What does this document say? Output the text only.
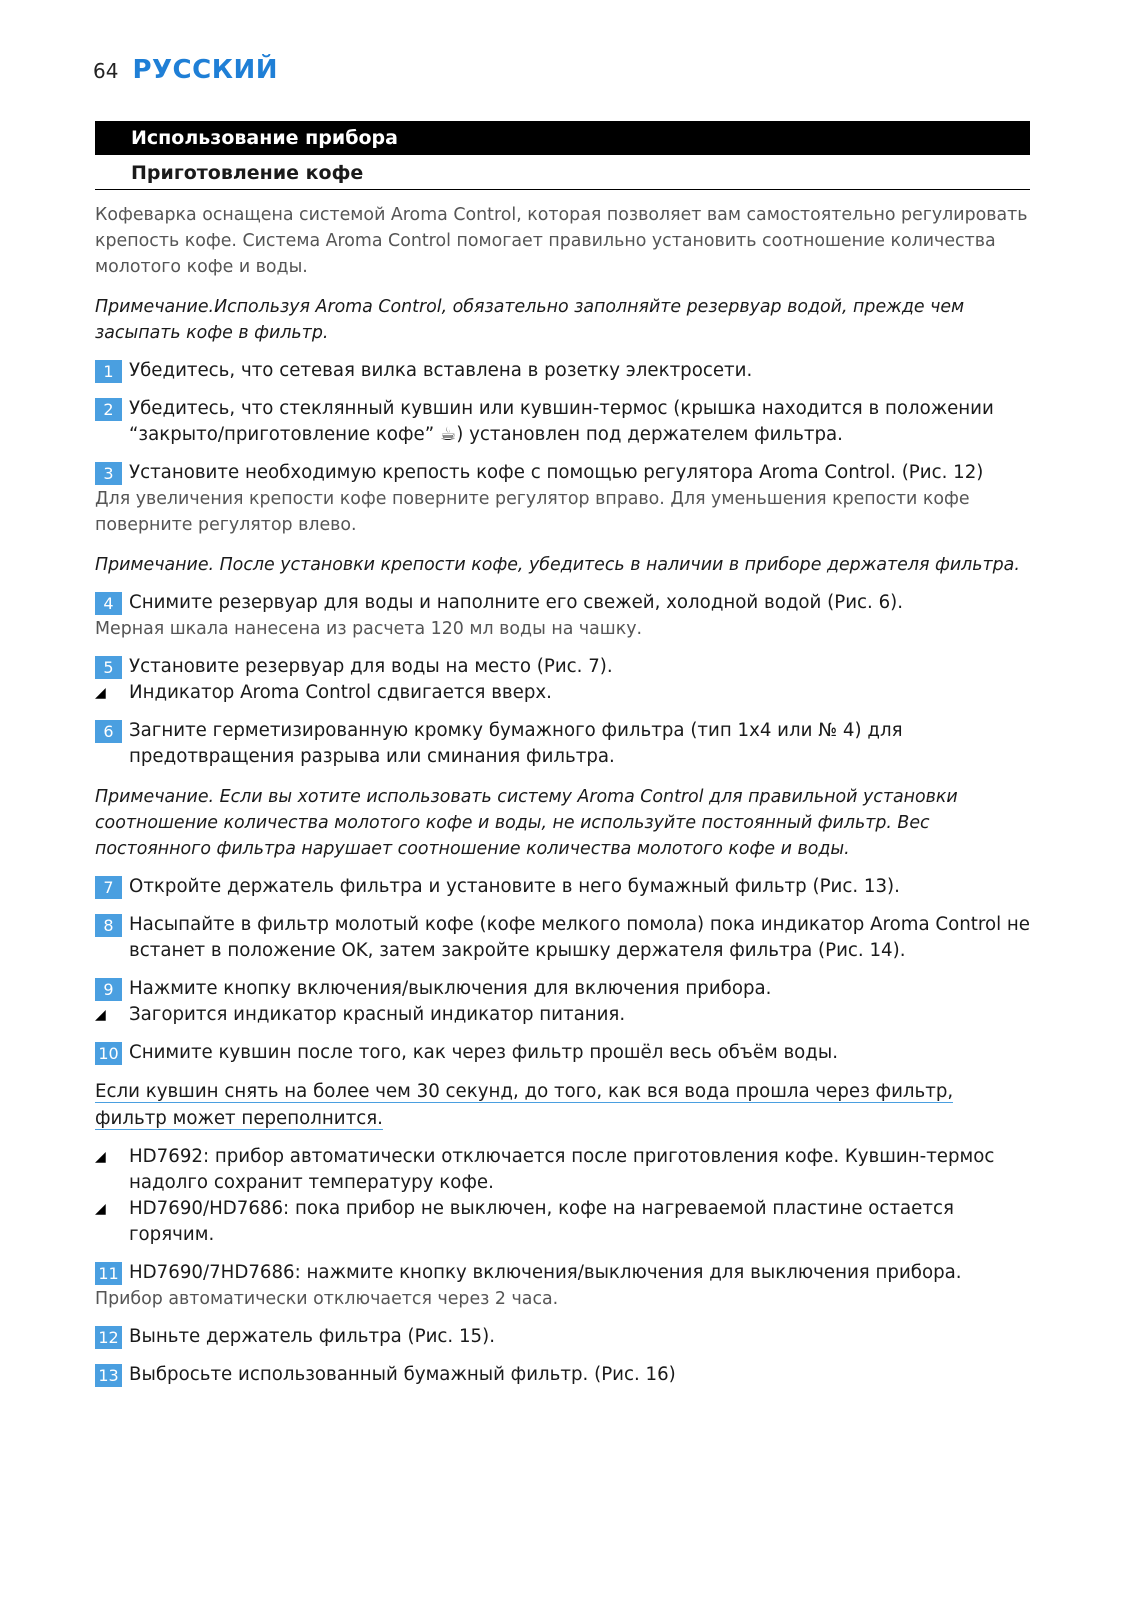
64 РУССКИЙ
Использование прибора
Приготовление кофе
Кофеварка оснащена системой Aroma Control, которая позволяет вам самостоятельно регулировать крепость кофе. Система Aroma Control помогает правильно установить соотношение количества молотого кофе и воды.
Примечание.Используя Aroma Control, обязательно заполняйте резервуар водой, прежде чем засыпать кофе в фильтр.
1 Убедитесь, что сетевая вилка вставлена в розетку электросети.
2 Убедитесь, что стеклянный кувшин или кувшин-термос (крышка находится в положении “закрыто/приготовление кофе” ☕) установлен под держателем фильтра.
3 Установите необходимую крепость кофе с помощью регулятора Aroma Control. (Рис. 12)
Для увеличения крепости кофе поверните регулятор вправо. Для уменьшения крепости кофе поверните регулятор влево.
Примечание. После установки крепости кофе, убедитесь в наличии в приборе держателя фильтра.
4 Снимите резервуар для воды и наполните его свежей, холодной водой (Рис. 6).
Мерная шкала нанесена из расчета 120 мл воды на чашку.
5 Установите резервуар для воды на место (Рис. 7).
◢	Индикатор Aroma Control сдвигается вверх.
6 Загните герметизированную кромку бумажного фильтра (тип 1x4 или № 4) для предотвращения разрыва или сминания фильтра.
Примечание. Если вы хотите использовать систему Aroma Control для правильной установки соотношение количества молотого кофе и воды, не используйте постоянный фильтр. Вес постоянного фильтра нарушает соотношение количества молотого кофе и воды.
7 Откройте держатель фильтра и установите в него бумажный фильтр (Рис. 13).
8 Насыпайте в фильтр молотый кофе (кофе мелкого помола) пока индикатор Aroma Control не встанет в положение OK, затем закройте крышку держателя фильтра (Рис. 14).
9 Нажмите кнопку включения/выключения для включения прибора.
◢	Загорится индикатор красный индикатор питания.
10 Снимите кувшин после того, как через фильтр прошёл весь объём воды.
Если кувшин снять на более чем 30 секунд, до того, как вся вода прошла через фильтр,
фильтр может переполнится.
◢	HD7692: прибор автоматически отключается после приготовления кофе. Кувшин-термос надолго сохранит температуру кофе.
◢	HD7690/HD7686: пока прибор не выключен, кофе на нагреваемой пластине остается горячим.
11 HD7690/7HD7686: нажмите кнопку включения/выключения для выключения прибора.
Прибор автоматически отключается через 2 часа.
12 Выньте держатель фильтра (Рис. 15).
13 Выбросьте использованный бумажный фильтр. (Рис. 16)
